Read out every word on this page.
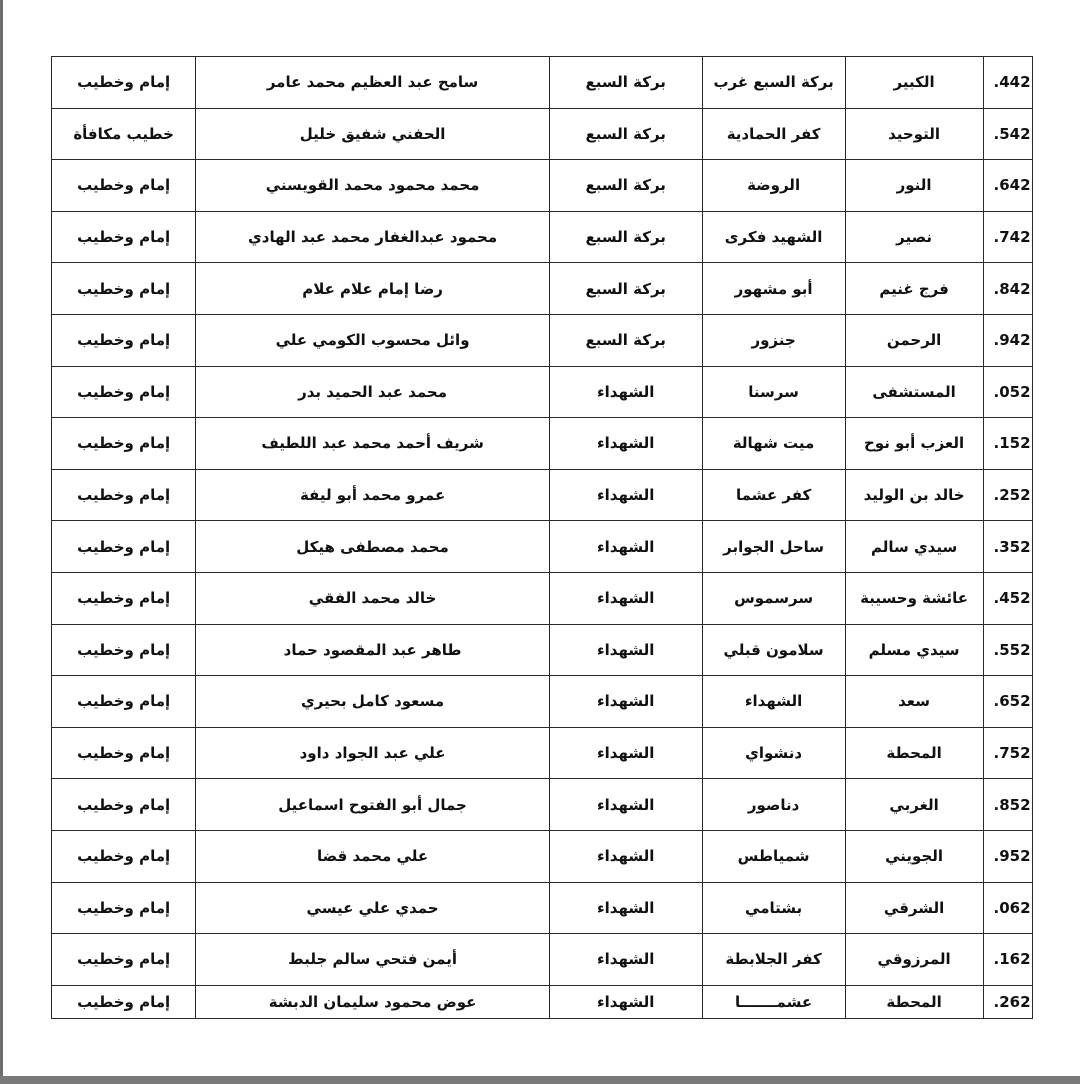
.442	الكبير	بركة السبع غرب	بركة السبع	سامح عبد العظيم محمد عامر	إمام وخطيب
.542	التوحيد	كفر الحمادية	بركة السبع	الحفني شفيق خليل	خطيب مكافأة
.642	النور	الروضة	بركة السبع	محمد محمود محمد القويسني	إمام وخطيب
.742	نصير	الشهيد فكرى	بركة السبع	محمود عبدالغفار محمد عبد الهادي	إمام وخطيب
.842	فرج غنيم	أبو مشهور	بركة السبع	رضا إمام علام علام	إمام وخطيب
.942	الرحمن	جنزور	بركة السبع	وائل محسوب الكومي علي	إمام وخطيب
.052	المستشفى	سرسنا	الشهداء	محمد عبد الحميد بدر	إمام وخطيب
.152	العزب أبو نوح	ميت شهالة	الشهداء	شريف أحمد محمد عبد اللطيف	إمام وخطيب
.252	خالد بن الوليد	كفر عشما	الشهداء	عمرو محمد أبو ليفة	إمام وخطيب
.352	سيدي سالم	ساحل الجوابر	الشهداء	محمد مصطفى هيكل	إمام وخطيب
.452	عائشة وحسيبة	سرسموس	الشهداء	خالد محمد الفقي	إمام وخطيب
.552	سيدي مسلم	سلامون قبلي	الشهداء	طاهر عبد المقصود حماد	إمام وخطيب
.652	سعد	الشهداء	الشهداء	مسعود كامل بحيري	إمام وخطيب
.752	المحطة	دنشواي	الشهداء	علي عبد الجواد داود	إمام وخطيب
.852	الغربي	دناصور	الشهداء	جمال أبو الفتوح اسماعيل	إمام وخطيب
.952	الجويني	شمياطس	الشهداء	علي محمد قضا	إمام وخطيب
.062	الشرقي	بشتامي	الشهداء	حمدي علي عيسي	إمام وخطيب
.162	المرزوقي	كفر الجلابطة	الشهداء	أيمن فتحي سالم جلبط	إمام وخطيب
.262	المحطة	عشمـــــــا	الشهداء	عوض محمود سليمان الدبشة	إمام وخطيب
